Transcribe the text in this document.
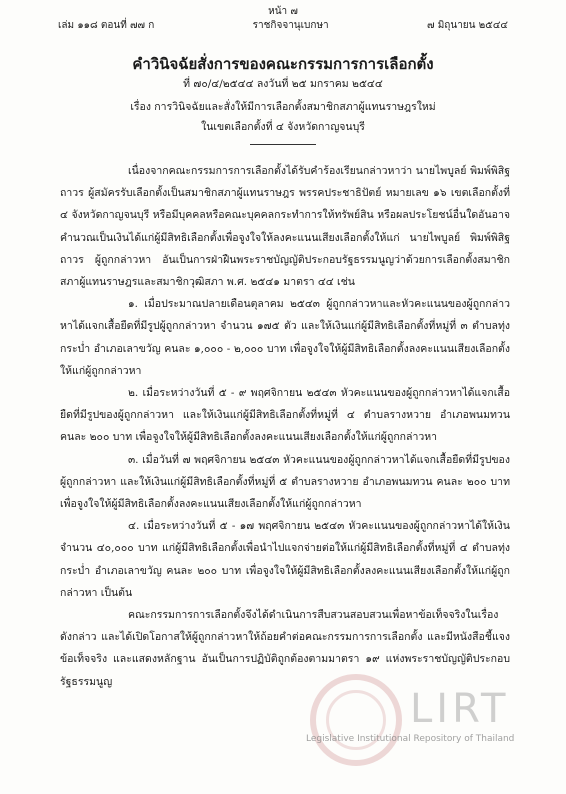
หน้า ๗
เล่ม ๑๑๘ ตอนที่ ๗๗ ก	ราชกิจจานุเบกษา	๗ มิถุนายน ๒๕๔๔
คำวินิจฉัยสั่งการของคณะกรรมการการเลือกตั้ง
ที่ ๗๐/๔/๒๕๔๔ ลงวันที่ ๒๕ มกราคม ๒๕๔๔
เรื่อง การวินิจฉัยและสั่งให้มีการเลือกตั้งสมาชิกสภาผู้แทนราษฎรใหม่
ในเขตเลือกตั้งที่ ๔ จังหวัดกาญจนบุรี

เนื่องจากคณะกรรมการการเลือกตั้งได้รับคำร้องเรียนกล่าวหาว่า นายไพบูลย์ พิมพ์พิสิฐถาวร ผู้สมัครรับเลือกตั้งเป็นสมาชิกสภาผู้แทนราษฎร พรรคประชาธิปัตย์ หมายเลข ๑๖ เขตเลือกตั้งที่ ๔ จังหวัดกาญจนบุรี หรือมีบุคคลหรือคณะบุคคลกระทำการให้ทรัพย์สิน หรือผลประโยชน์อื่นใดอันอาจคำนวณเป็นเงินได้แก่ผู้มีสิทธิเลือกตั้งเพื่อจูงใจให้ลงคะแนนเสียงเลือกตั้งให้แก่ นายไพบูลย์ พิมพ์พิสิฐถาวร ผู้ถูกกล่าวหา อันเป็นการฝ่าฝืนพระราชบัญญัติประกอบรัฐธรรมนูญว่าด้วยการเลือกตั้งสมาชิกสภาผู้แทนราษฎรและสมาชิกวุฒิสภา พ.ศ. ๒๕๔๑ มาตรา ๔๔ เช่น

๑. เมื่อประมาณปลายเดือนตุลาคม ๒๕๔๓ ผู้ถูกกล่าวหาและหัวคะแนนของผู้ถูกกล่าวหาได้แจกเสื้อยืดที่มีรูปผู้ถูกกล่าวหา จำนวน ๑๗๕ ตัว และให้เงินแก่ผู้มีสิทธิเลือกตั้งที่หมู่ที่ ๓ ตำบลทุ่งกระบ่ำ อำเภอเลาขวัญ คนละ ๑,๐๐๐ - ๒,๐๐๐ บาท เพื่อจูงใจให้ผู้มีสิทธิเลือกตั้งลงคะแนนเสียงเลือกตั้งให้แก่ผู้ถูกกล่าวหา

๒. เมื่อระหว่างวันที่ ๕ - ๙ พฤศจิกายน ๒๕๔๓ หัวคะแนนของผู้ถูกกล่าวหาได้แจกเสื้อยืดที่มีรูปของผู้ถูกกล่าวหา และให้เงินแก่ผู้มีสิทธิเลือกตั้งที่หมู่ที่ ๔ ตำบลรางหวาย อำเภอพนมทวน คนละ ๒๐๐ บาท เพื่อจูงใจให้ผู้มีสิทธิเลือกตั้งลงคะแนนเสียงเลือกตั้งให้แก่ผู้ถูกกล่าวหา

๓. เมื่อวันที่ ๗ พฤศจิกายน ๒๕๔๓ หัวคะแนนของผู้ถูกกล่าวหาได้แจกเสื้อยืดที่มีรูปของผู้ถูกกล่าวหา และให้เงินแก่ผู้มีสิทธิเลือกตั้งที่หมู่ที่ ๕ ตำบลรางหวาย อำเภอพนมทวน คนละ ๒๐๐ บาท เพื่อจูงใจให้ผู้มีสิทธิเลือกตั้งลงคะแนนเสียงเลือกตั้งให้แก่ผู้ถูกกล่าวหา

๔. เมื่อระหว่างวันที่ ๕ - ๑๗ พฤศจิกายน ๒๕๔๓ หัวคะแนนของผู้ถูกกล่าวหาได้ให้เงินจำนวน ๔๐,๐๐๐ บาท แก่ผู้มีสิทธิเลือกตั้งเพื่อนำไปแจกจ่ายต่อให้แก่ผู้มีสิทธิเลือกตั้งที่หมู่ที่ ๔ ตำบลทุ่งกระบ่ำ อำเภอเลาขวัญ คนละ ๒๐๐ บาท เพื่อจูงใจให้ผู้มีสิทธิเลือกตั้งลงคะแนนเสียงเลือกตั้งให้แก่ผู้ถูกกล่าวหา เป็นต้น

คณะกรรมการการเลือกตั้งจึงได้ดำเนินการสืบสวนสอบสวนเพื่อหาข้อเท็จจริงในเรื่องดังกล่าว และได้เปิดโอกาสให้ผู้ถูกกล่าวหาให้ถ้อยคำต่อคณะกรรมการการเลือกตั้ง และมีหนังสือชี้แจงข้อเท็จจริง และแสดงหลักฐาน อันเป็นการปฏิบัติถูกต้องตามมาตรา ๑๙ แห่งพระราชบัญญัติประกอบรัฐธรรมนูญ

LIRT
Legislative Institutional Repository of Thailand
